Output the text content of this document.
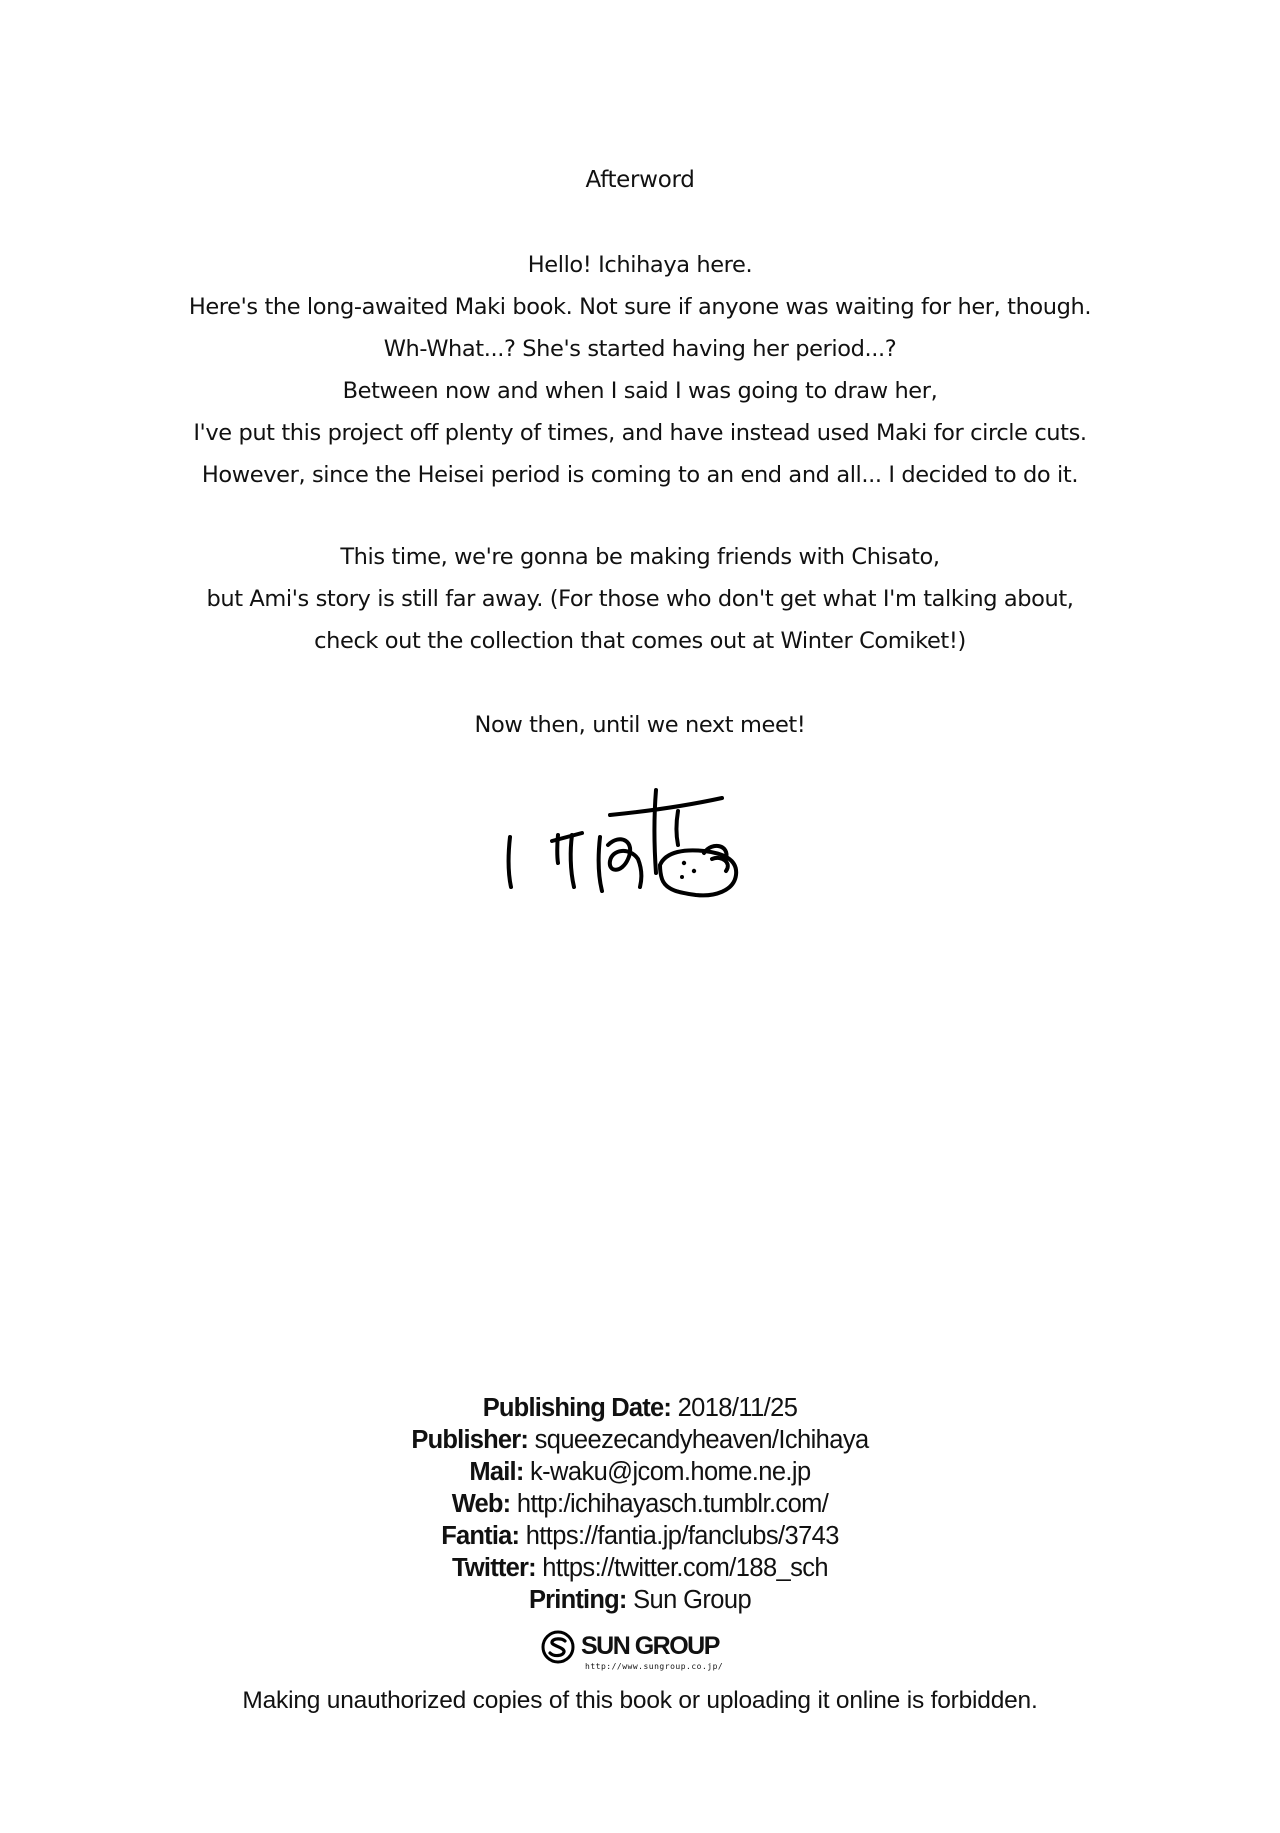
Afterword
Hello! Ichihaya here.
Here's the long-awaited Maki book. Not sure if anyone was waiting for her, though.
Wh-What...? She's started having her period...?
Between now and when I said I was going to draw her,
I've put this project off plenty of times, and have instead used Maki for circle cuts.
However, since the Heisei period is coming to an end and all... I decided to do it.
This time, we're gonna be making friends with Chisato,
but Ami's story is still far away. (For those who don't get what I'm talking about,
check out the collection that comes out at Winter Comiket!)
Now then, until we next meet!
Publishing Date: 2018/11/25
Publisher: squeezecandyheaven/Ichihaya
Mail: k-waku@jcom.home.ne.jp
Web: http:/ichihayasch.tumblr.com/
Fantia: https://fantia.jp/fanclubs/3743
Twitter: https://twitter.com/188_sch
Printing: Sun Group
SUN GROUP
http://www.sungroup.co.jp/
Making unauthorized copies of this book or uploading it online is forbidden.
